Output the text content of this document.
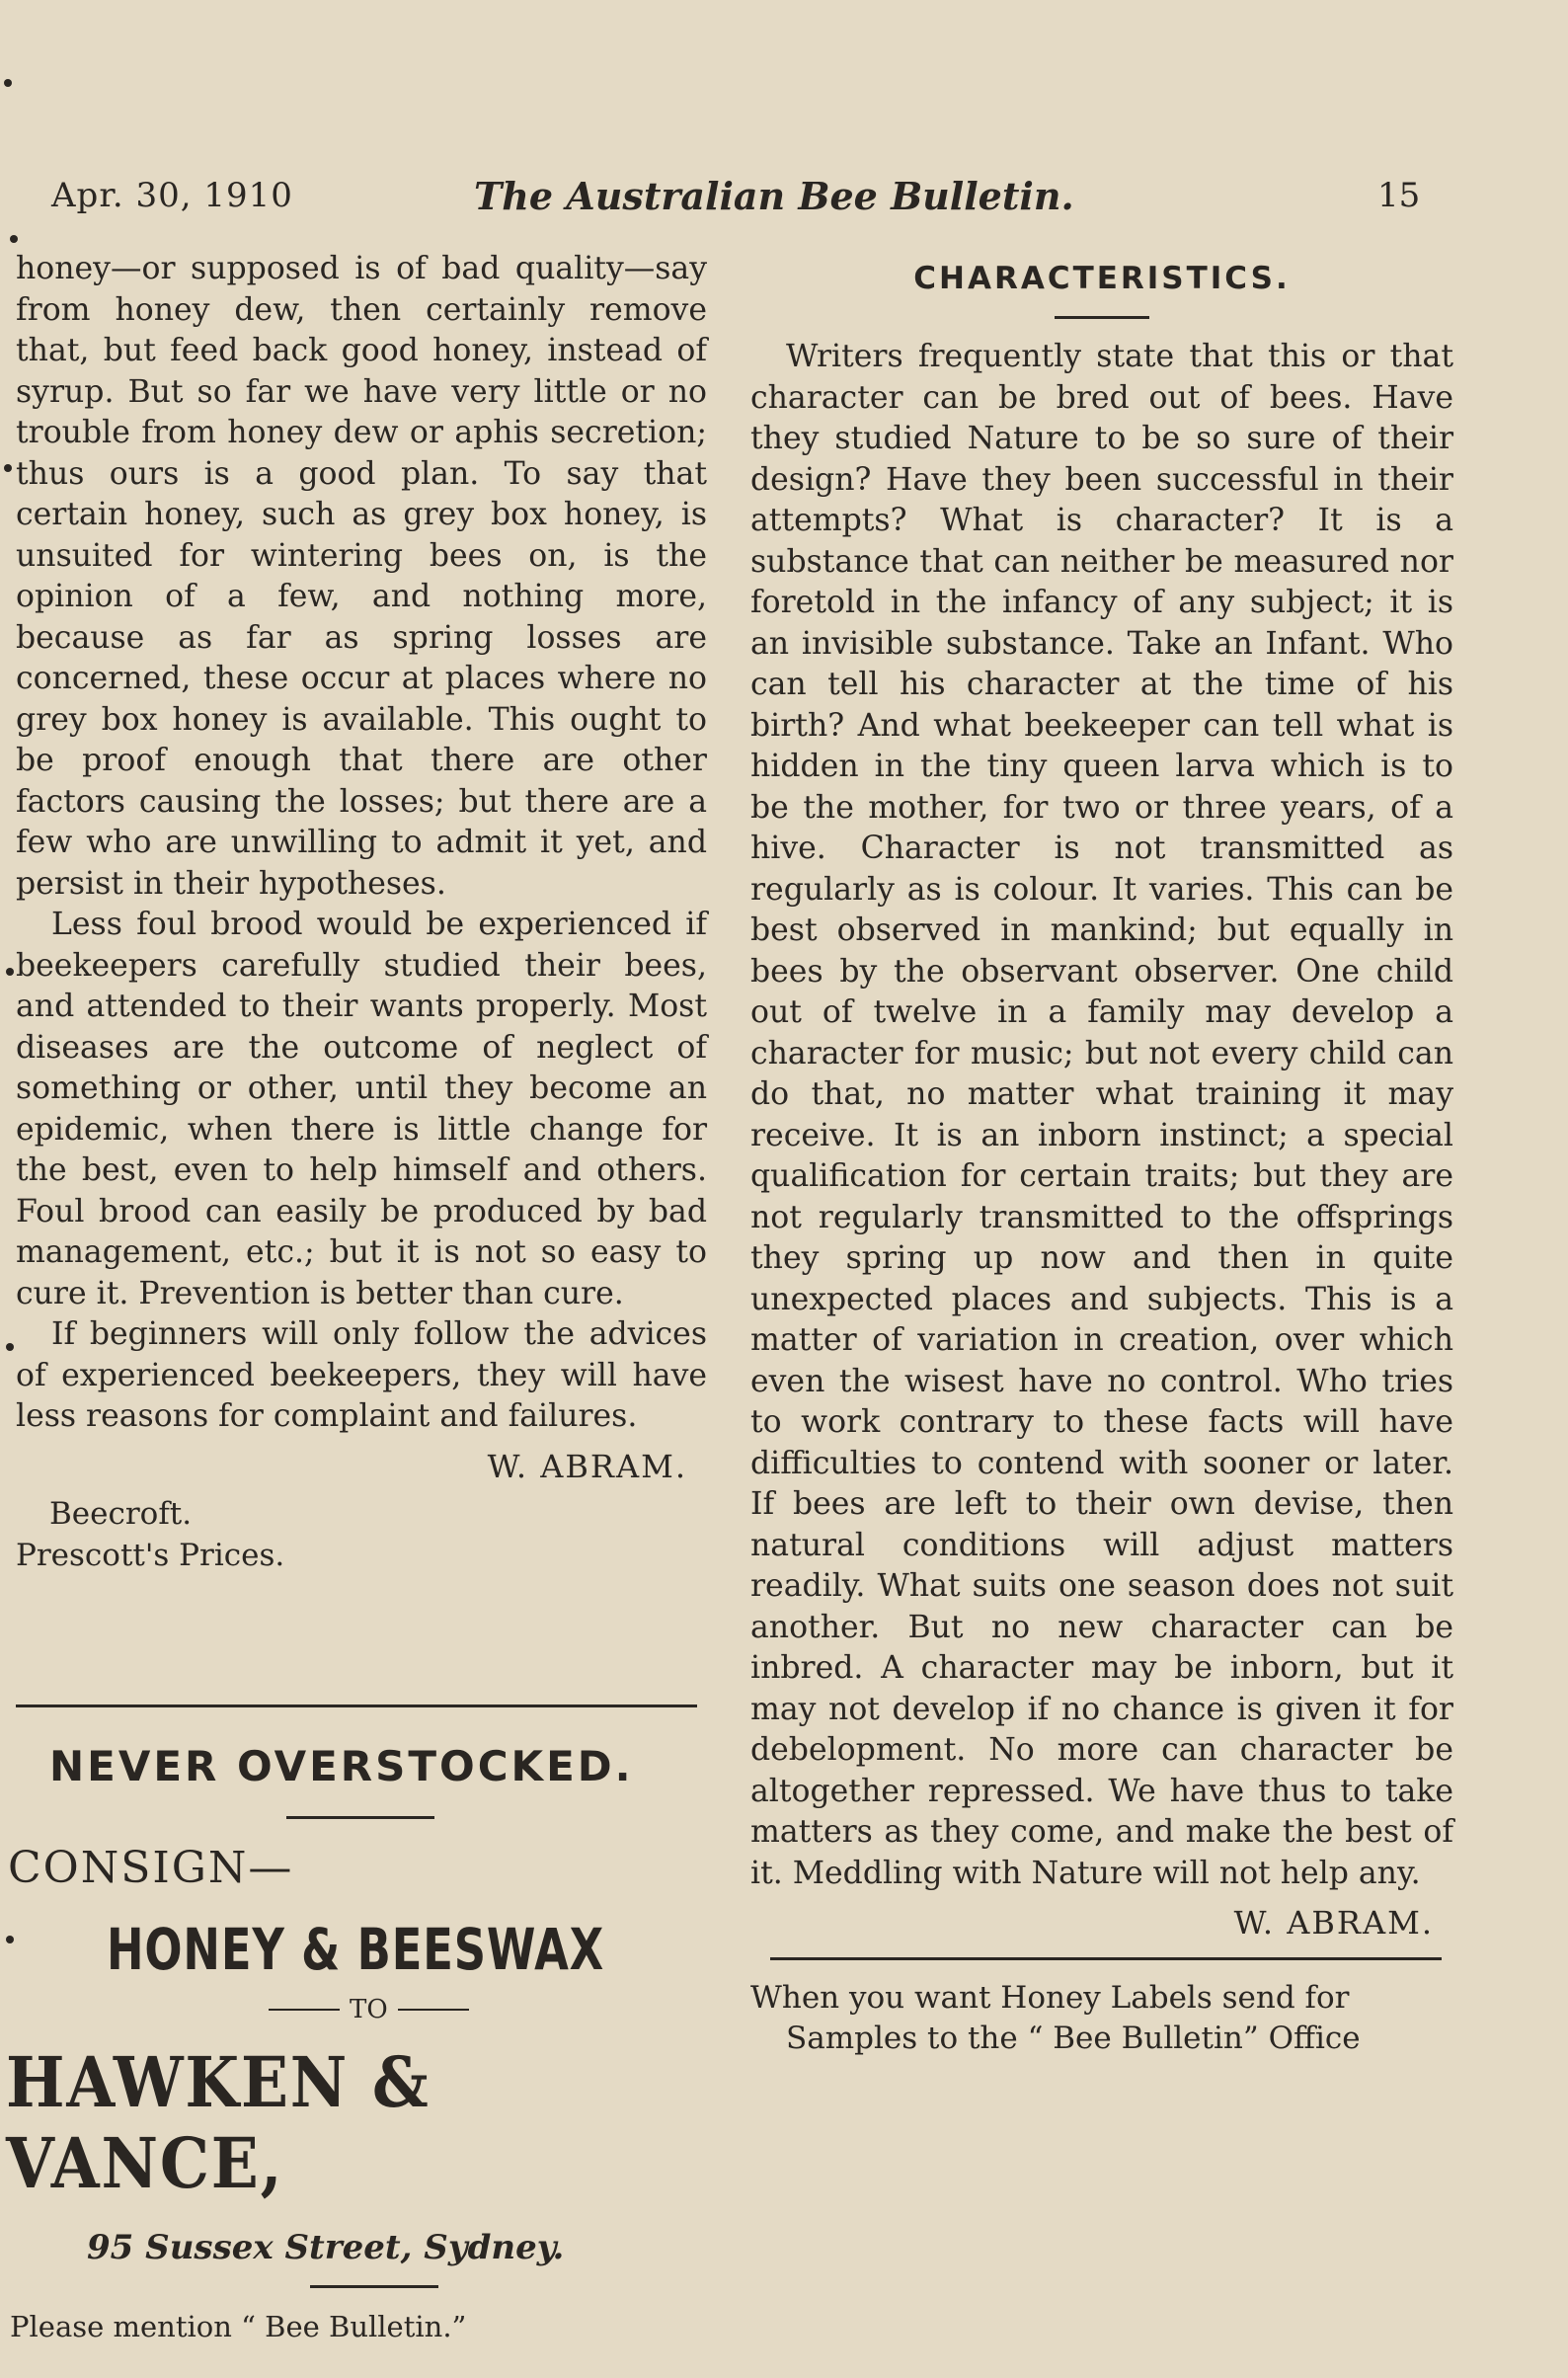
Apr. 30, 1910	The Australian Bee Bulletin.	15

honey—or supposed is of bad quality—say from honey dew, then certainly remove that, but feed back good honey, instead of syrup. But so far we have very little or no trouble from honey dew or aphis secretion; thus ours is a good plan. To say that certain honey, such as grey box honey, is unsuited for wintering bees on, is the opinion of a few, and nothing more, because as far as spring losses are concerned, these occur at places where no grey box honey is available. This ought to be proof enough that there are other factors causing the losses; but there are a few who are unwilling to admit it yet, and persist in their hypotheses.

Less foul brood would be experienced if beekeepers carefully studied their bees, and attended to their wants properly. Most diseases are the outcome of neglect of something or other, until they become an epidemic, when there is little change for the best, even to help himself and others. Foul brood can easily be produced by bad management, etc.; but it is not so easy to cure it. Prevention is better than cure.

If beginners will only follow the advices of experienced beekeepers, they will have less reasons for complaint and failures.

W. ABRAM.
Beecroft.
Prescott's Prices.
NEVER OVERSTOCKED.
CONSIGN—
HONEY & BEESWAX
TO
HAWKEN & VANCE,
95 Sussex Street, Sydney.
Please mention “ Bee Bulletin.”
CHARACTERISTICS.

Writers frequently state that this or that character can be bred out of bees. Have they studied Nature to be so sure of their design? Have they been successful in their attempts? What is character? It is a substance that can neither be measured nor foretold in the infancy of any subject; it is an invisible substance. Take an Infant. Who can tell his character at the time of his birth? And what beekeeper can tell what is hidden in the tiny queen larva which is to be the mother, for two or three years, of a hive. Character is not transmitted as regularly as is colour. It varies. This can be best observed in mankind; but equally in bees by the observant observer. One child out of twelve in a family may develop a character for music; but not every child can do that, no matter what training it may receive. It is an inborn instinct; a special qualification for certain traits; but they are not regularly transmitted to the offsprings they spring up now and then in quite unexpected places and subjects. This is a matter of variation in creation, over which even the wisest have no control. Who tries to work contrary to these facts will have difficulties to contend with sooner or later. If bees are left to their own devise, then natural conditions will adjust matters readily. What suits one season does not suit another. But no new character can be inbred. A character may be inborn, but it may not develop if no chance is given it for debelopment. No more can character be altogether repressed. We have thus to take matters as they come, and make the best of it. Meddling with Nature will not help any.

W. ABRAM.
When you want Honey Labels send for
Samples to the “ Bee Bulletin” Office
